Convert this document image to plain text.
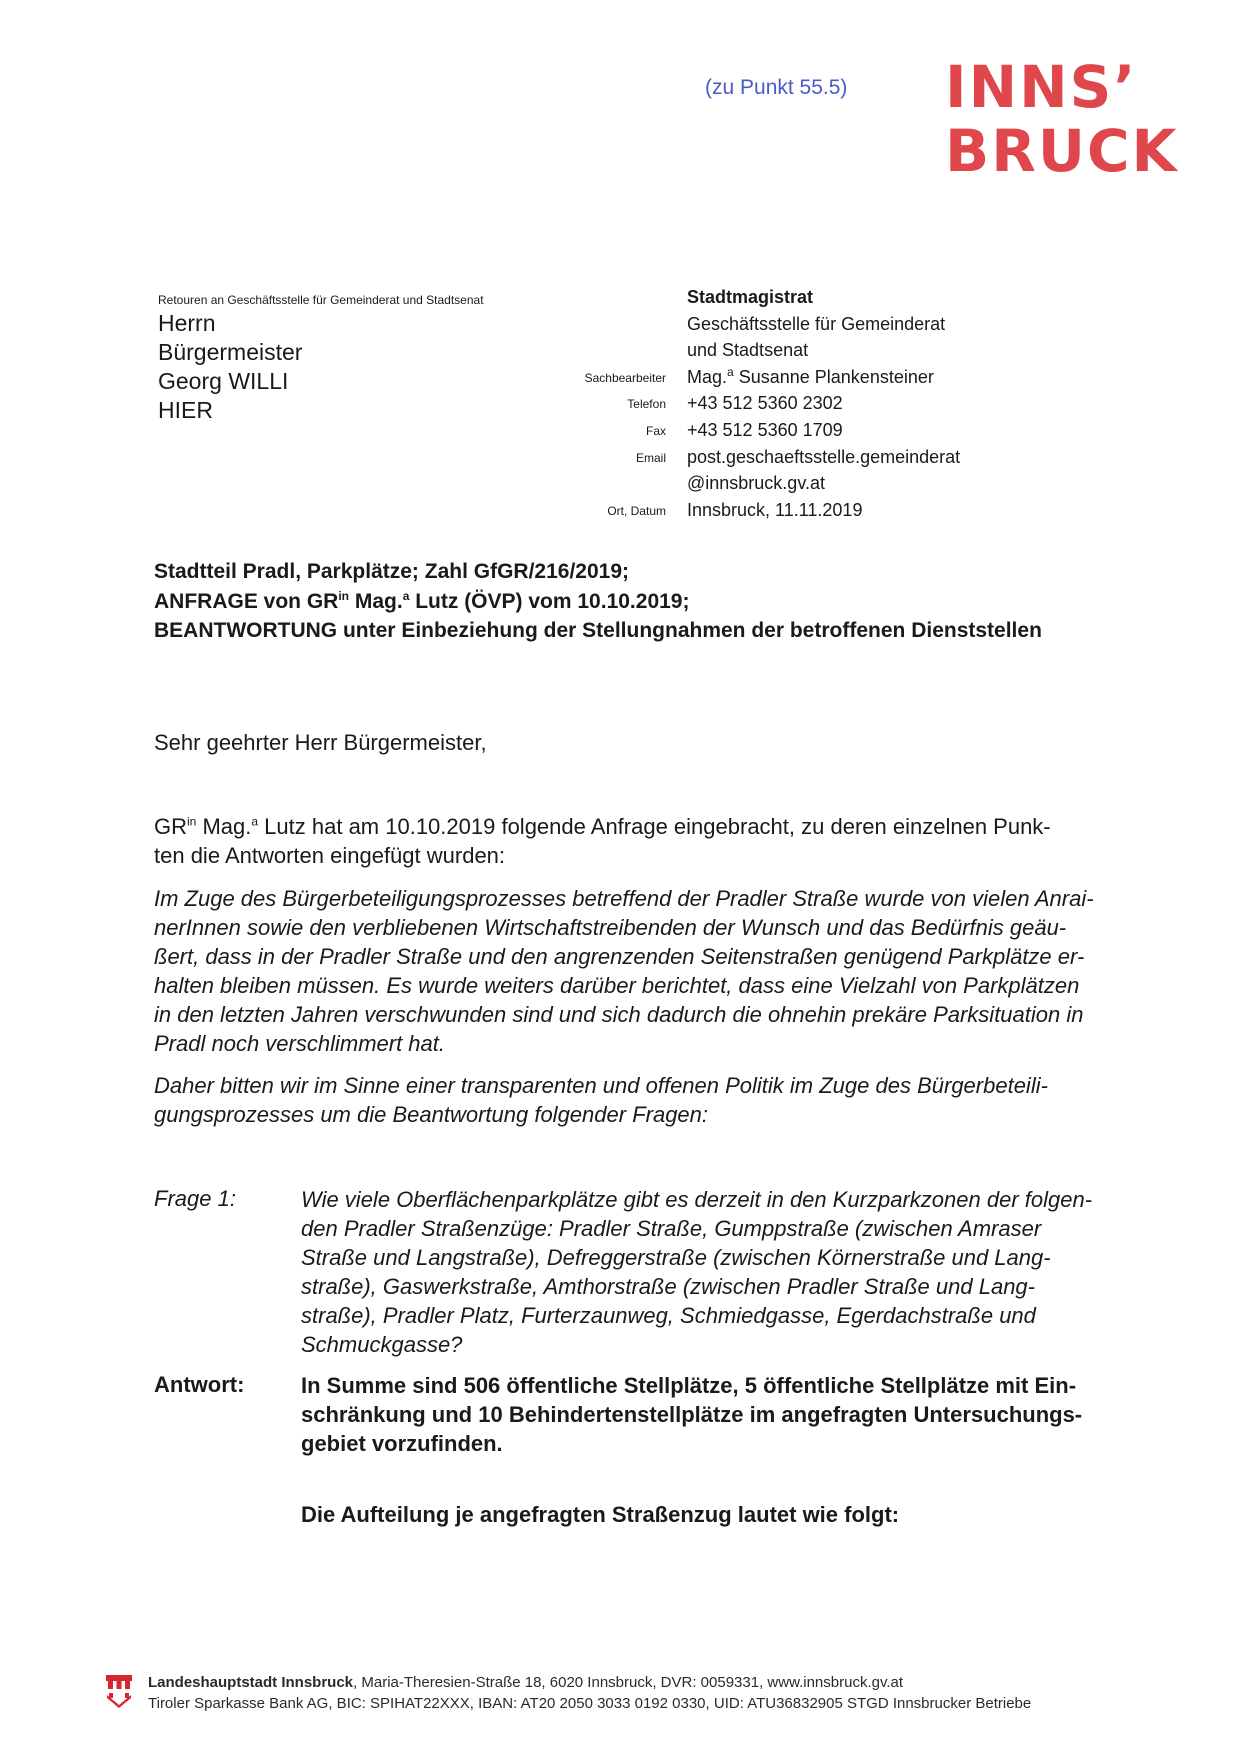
(zu Punkt 55.5) INNS’
BRUCK
Retouren an Geschäftsstelle für Gemeinderat und Stadtsenat
Herrn
Bürgermeister
Georg WILLI
HIER

Sachbearbeiter
Telefon
Fax
Email

Ort, Datum
Stadtmagistrat
Geschäftsstelle für Gemeinderat
und Stadtsenat
Mag.$^a$ Susanne Plankensteiner
+43 512 5360 2302
+43 512 5360 1709
post.geschaeftsstelle.gemeinderat
@innsbruck.gv.at
Innsbruck, 11.11.2019
Stadtteil Pradl, Parkplätze; Zahl GfGR/216/2019;
ANFRAGE von $GR^{in}$ Mag.$^a$ Lutz (ÖVP) vom 10.10.2019;
BEANTWORTUNG unter Einbeziehung der Stellungnahmen der betroffenen Dienststellen
Sehr geehrter Herr Bürgermeister,
$GR^{in}$ Mag.$^a$ Lutz hat am 10.10.2019 folgende Anfrage eingebracht, zu deren einzelnen Punk-
ten die Antworten eingefügt wurden:
Im Zuge des Bürgerbeteiligungsprozesses betreffend der Pradler Straße wurde von vielen Anrai-
nerInnen sowie den verbliebenen Wirtschaftstreibenden der Wunsch und das Bedürfnis geäu-
ßert, dass in der Pradler Straße und den angrenzenden Seitenstraßen genügend Parkplätze er-
halten bleiben müssen. Es wurde weiters darüber berichtet, dass eine Vielzahl von Parkplätzen
in den letzten Jahren verschwunden sind und sich dadurch die ohnehin prekäre Parksituation in
Pradl noch verschlimmert hat.
Daher bitten wir im Sinne einer transparenten und offenen Politik im Zuge des Bürgerbeteili-
gungsprozesses um die Beantwortung folgender Fragen:
Frage 1:	Wie viele Oberflächenparkplätze gibt es derzeit in den Kurzparkzonen der folgen-
den Pradler Straßenzüge: Pradler Straße, Gumppstraße (zwischen Amraser
Straße und Langstraße), Defreggerstraße (zwischen Körnerstraße und Lang-
straße), Gaswerkstraße, Amthorstraße (zwischen Pradler Straße und Lang-
straße), Pradler Platz, Furterzaunweg, Schmiedgasse, Egerdachstraße und
Schmuckgasse?
Antwort:	In Summe sind 506 öffentliche Stellplätze, 5 öffentliche Stellplätze mit Ein-
schränkung und 10 Behindertenstellplätze im angefragten Untersuchungs-
gebiet vorzufinden.
Die Aufteilung je angefragten Straßenzug lautet wie folgt:
Landeshauptstadt Innsbruck, Maria-Theresien-Straße 18, 6020 Innsbruck, DVR: 0059331, www.innsbruck.gv.at
Tiroler Sparkasse Bank AG, BIC: SPIHAT22XXX, IBAN: AT20 2050 3033 0192 0330, UID: ATU36832905 STGD Innsbrucker Betriebe
